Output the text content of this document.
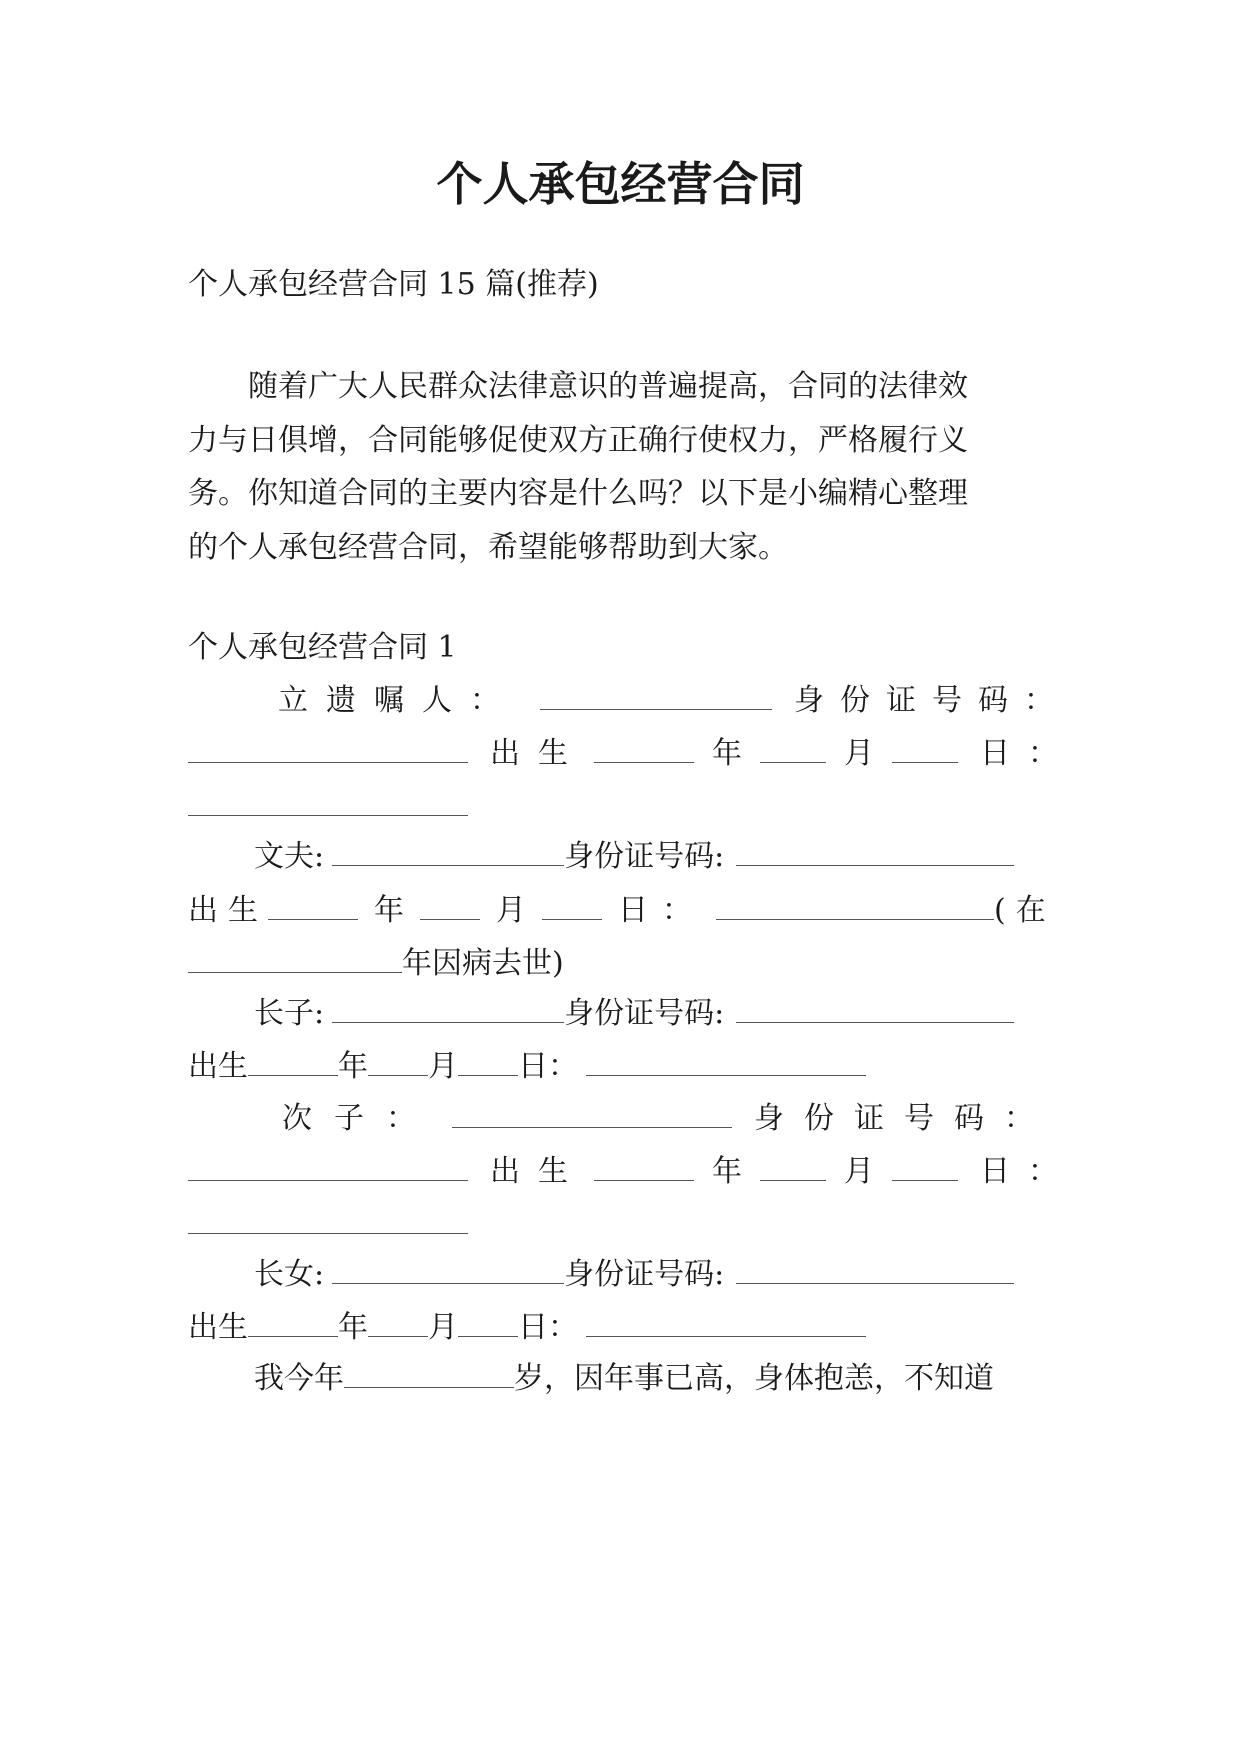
个人承包经营合同
个人承包经营合同 15 篇(推荐)
随着广大人民群众法律意识的普遍提高，合同的法律效
力与日俱增，合同能够促使双方正确行使权力，严格履行义
务。你知道合同的主要内容是什么吗？以下是小编精心整理
的个人承包经营合同，希望能够帮助到大家。
个人承包经营合同 1
立遗嘱人：	身份证号码：
出生	年	月	日：
文夫:	身份证号码:
出生	年	月	日：	(在
年因病去世)
长子:	身份证号码:
出生	年 月 日：
次子：	身份证号码：
出生	年	月	日：
长女:	身份证号码:
出生	年 月 日：
我今年	岁，因年事已高，身体抱恙，不知道
